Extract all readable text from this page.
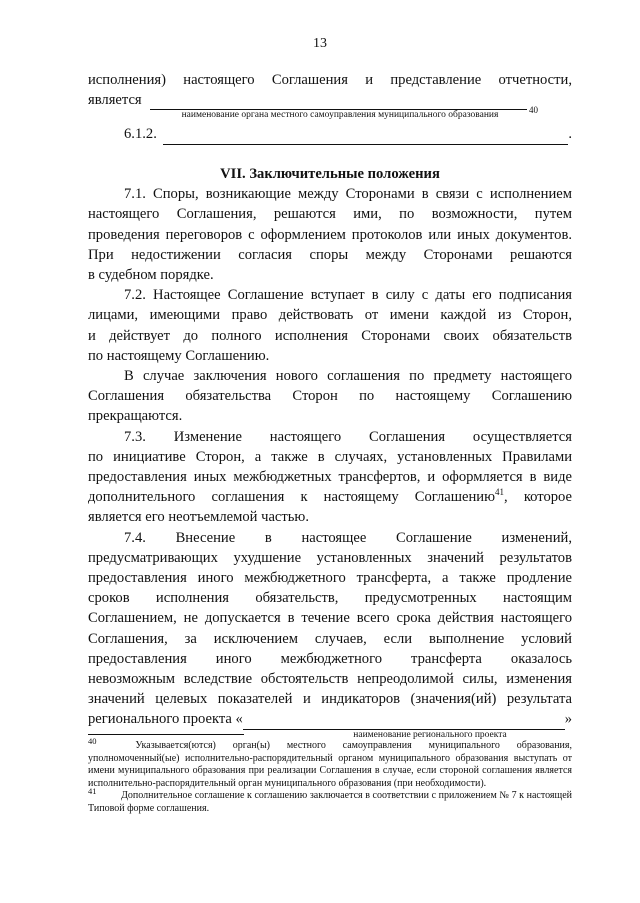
13
исполнения) настоящего Соглашения и представление отчетности,
является
40
наименование органа местного самоуправления муниципального образования
6.1.2.	.
VII. Заключительные положения
7.1. Споры, возникающие между Сторонами в связи с исполнением
настоящего Соглашения, решаются ими, по возможности, путем
проведения переговоров с оформлением протоколов или иных документов.
При недостижении согласия споры между Сторонами решаются
в судебном порядке.
7.2. Настоящее Соглашение вступает в силу с даты его подписания
лицами, имеющими право действовать от имени каждой из Сторон,
и действует до полного исполнения Сторонами своих обязательств
по настоящему Соглашению.
В случае заключения нового соглашения по предмету настоящего
Соглашения обязательства Сторон по настоящему Соглашению
прекращаются.
7.3. Изменение настоящего Соглашения осуществляется
по инициативе Сторон, а также в случаях, установленных Правилами
предоставления иных межбюджетных трансфертов, и оформляется в виде
дополнительного соглашения к настоящему Соглашению$^{41}$, которое
является его неотъемлемой частью.
7.4. Внесение в настоящее Соглашение изменений,
предусматривающих ухудшение установленных значений результатов
предоставления иного межбюджетного трансферта, а также продление
сроков исполнения обязательств, предусмотренных настоящим
Соглашением, не допускается в течение всего срока действия настоящего
Соглашения, за исключением случаев, если выполнение условий
предоставления иного межбюджетного трансферта оказалось
невозможным вследствие обстоятельств непреодолимой силы, изменения
значений целевых показателей и индикаторов (значения(ий) результата
регионального проекта «	»
наименование регионального проекта
$^{40}$	Указывается(ются) орган(ы) местного самоуправления муниципального образования, уполномоченный(ые) исполнительно-распорядительный органом муниципального образования выступать от имени муниципального образования при реализации Соглашения в случае, если стороной соглашения является исполнительно-распорядительный орган муниципального образования (при необходимости).
$^{41}$ Дополнительное соглашение к соглашению заключается в соответствии с приложением № 7 к настоящей Типовой форме соглашения.
